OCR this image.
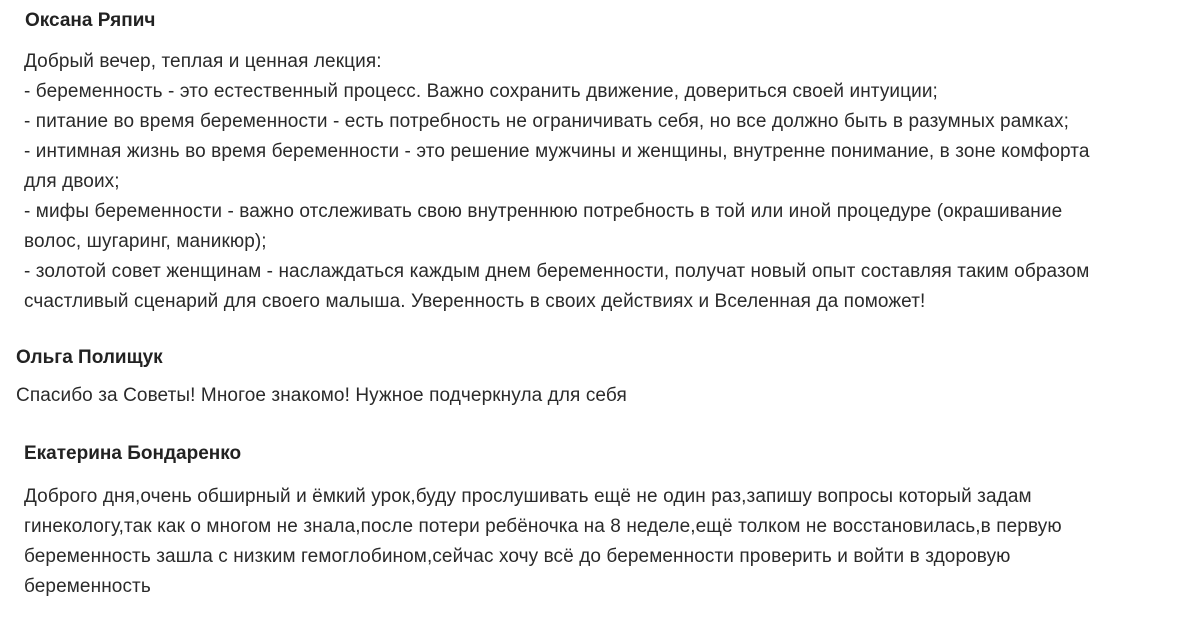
Оксана Ряпич

Добрый вечер, теплая и ценная лекция:

- беременность - это естественный процесс. Важно сохранить движение, довериться своей интуиции;

- питание во время беременности - есть потребность не ограничивать себя, но все должно быть в разумных рамках;

- интимная жизнь во время беременности - это решение мужчины и женщины, внутренне понимание, в зоне комфорта

для двоих;

- мифы беременности - важно отслеживать свою внутреннюю потребность в той или иной процедуре (окрашивание

волос, шугаринг, маникюр);

- золотой совет женщинам - наслаждаться каждым днем беременности, получат новый опыт составляя таким образом

счастливый сценарий для своего малыша. Уверенность в своих действиях и Вселенная да поможет!

Ольга Полищук

Спасибо за Советы! Многое знакомо! Нужное подчеркнула для себя

Екатерина Бондаренко

Доброго дня,очень обширный и ёмкий урок,буду прослушивать ещё не один раз,запишу вопросы который задам

гинекологу,так как о многом не знала,после потери ребёночка на 8 неделе,ещё толком не восстановилась,в первую

беременность зашла с низким гемоглобином,сейчас хочу всё до беременности проверить и войти в здоровую

беременность
